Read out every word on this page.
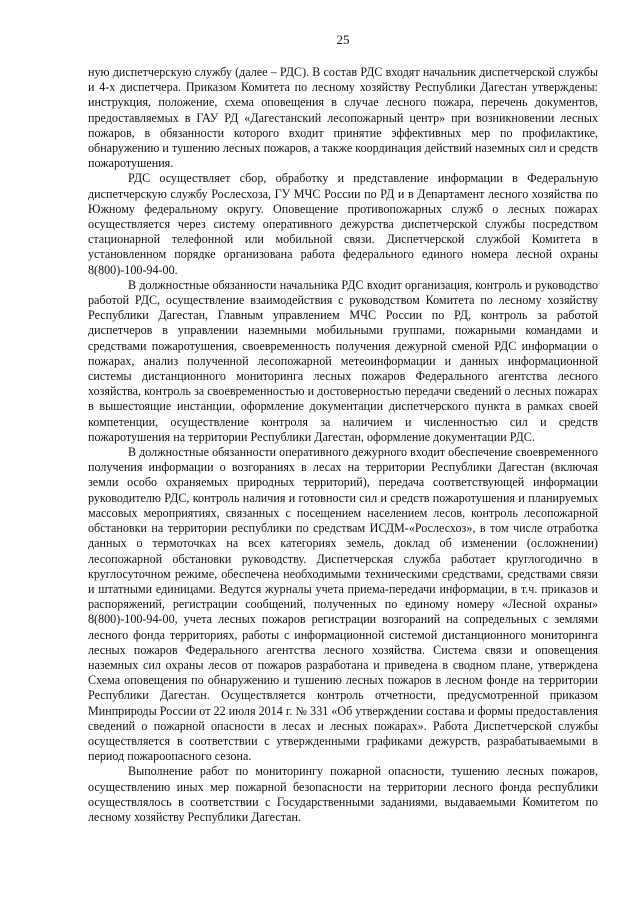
25

ную диспетчерскую службу (далее – РДС). В состав РДС входят начальник диспетчерской службы и 4-х диспетчера. Приказом Комитета по лесному хозяйству Республики Дагестан утверждены: инструкция, положение, схема оповещения в случае лесного пожара, перечень документов, предоставляемых в ГАУ РД «Дагестанский лесопожарный центр» при возникновении лесных пожаров, в обязанности которого входит принятие эффективных мер по профилактике, обнаружению и тушению лесных пожаров, а также координация действий наземных сил и средств пожаротушения.

РДС осуществляет сбор, обработку и представление информации в Федеральную диспетчерскую службу Рослесхоза, ГУ МЧС России по РД и в Департамент лесного хозяйства по Южному федеральному округу. Оповещение противопожарных служб о лесных пожарах осуществляется через систему оперативного дежурства диспетчерской службы посредством стационарной телефонной или мобильной связи. Диспетчерской службой Комитета в установленном порядке организована работа федерального единого номера лесной охраны 8(800)-100-94-00.

В должностные обязанности начальника РДС входит организация, контроль и руководство работой РДС, осуществление взаимодействия с руководством Комитета по лесному хозяйству Республики Дагестан, Главным управлением МЧС России по РД, контроль за работой диспетчеров в управлении наземными мобильными группами, пожарными командами и средствами пожаротушения, своевременность получения дежурной сменой РДС информации о пожарах, анализ полученной лесопожарной метеоинформации и данных информационной системы дистанционного мониторинга лесных пожаров Федерального агентства лесного хозяйства, контроль за своевременностью и достоверностью передачи сведений о лесных пожарах в вышестоящие инстанции, оформление документации диспетчерского пункта в рамках своей компетенции, осуществление контроля за наличием и численностью сил и средств пожаротушения на территории Республики Дагестан, оформление документации РДС.

В должностные обязанности оперативного дежурного входит обеспечение своевременного получения информации о возгораниях в лесах на территории Республики Дагестан (включая земли особо охраняемых природных территорий), передача соответствующей информации руководителю РДС, контроль наличия и готовности сил и средств пожаротушения и планируемых массовых мероприятиях, связанных с посещением населением лесов, контроль лесопожарной обстановки на территории республики по средствам ИСДМ-«Рослесхоз», в том числе отработка данных о термоточках на всех категориях земель, доклад об изменении (осложнении) лесопожарной обстановки руководству. Диспетчерская служба работает круглогодично в круглосуточном режиме, обеспечена необходимыми техническими средствами, средствами связи и штатными единицами. Ведутся журналы учета приема-передачи информации, в т.ч. приказов и распоряжений, регистрации сообщений, полученных по единому номеру «Лесной охраны» 8(800)-100-94-00, учета лесных пожаров регистрации возгораний на сопредельных с землями лесного фонда территориях, работы с информационной системой дистанционного мониторинга лесных пожаров Федерального агентства лесного хозяйства. Система связи и оповещения наземных сил охраны лесов от пожаров разработана и приведена в сводном плане, утверждена Схема оповещения по обнаружению и тушению лесных пожаров в лесном фонде на территории Республики Дагестан. Осуществляется контроль отчетности, предусмотренной приказом Минприроды России от 22 июля 2014 г. № 331 «Об утверждении состава и формы предоставления сведений о пожарной опасности в лесах и лесных пожарах». Работа Диспетчерской службы осуществляется в соответствии с утвержденными графиками дежурств, разрабатываемыми в период пожароопасного сезона.

Выполнение работ по мониторингу пожарной опасности, тушению лесных пожаров, осуществлению иных мер пожарной безопасности на территории лесного фонда республики осуществлялось в соответствии с Государственными заданиями, выдаваемыми Комитетом по лесному хозяйству Республики Дагестан.
